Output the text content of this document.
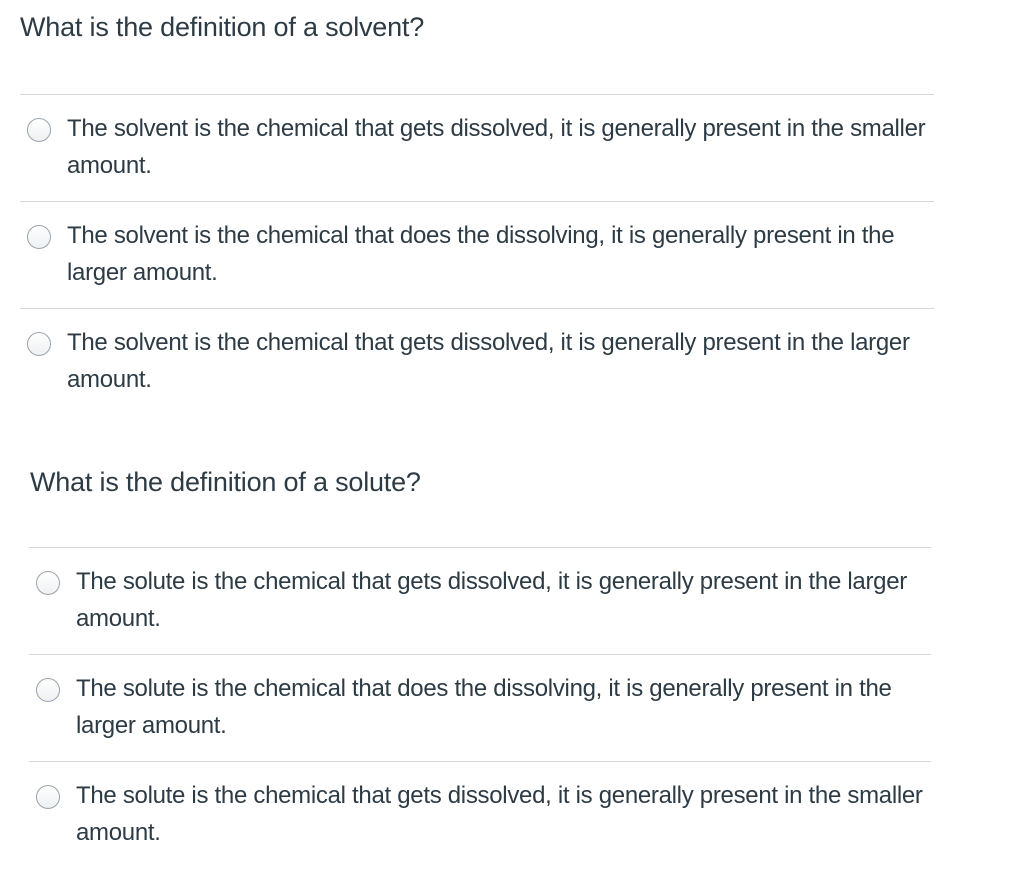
What is the definition of a solvent?
The solvent is the chemical that gets dissolved, it is generally present in the smaller amount.
The solvent is the chemical that does the dissolving, it is generally present in the larger amount.
The solvent is the chemical that gets dissolved, it is generally present in the larger amount.
What is the definition of a solute?
The solute is the chemical that gets dissolved, it is generally present in the larger amount.
The solute is the chemical that does the dissolving, it is generally present in the larger amount.
The solute is the chemical that gets dissolved, it is generally present in the smaller amount.
